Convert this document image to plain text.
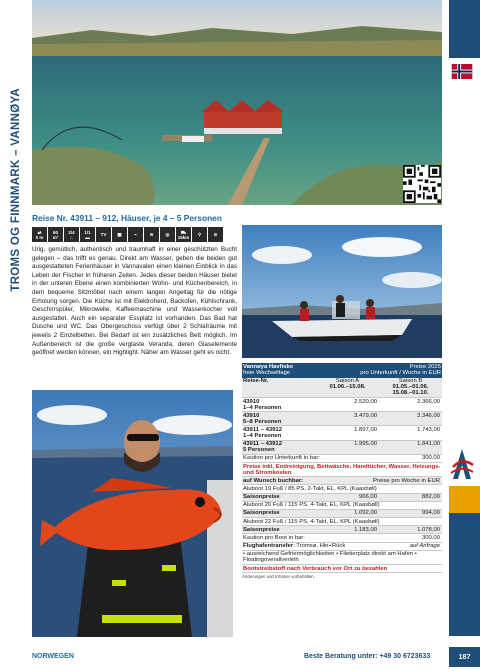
TROMS OG FINNMARK – VANNØYA
NORDNORWEGEN
Reise Nr. 43911 – 912, Häuser, je 4 – 5 Personen
⇄
0 m
60
m²
2/4
⌂
1/1
▬ TV ▦	⌁	≋	◎ ⛟
15km ⚲	⊘
Urig, gemütlich, authentisch und traumhaft in einer geschützten Bucht gelegen – das trifft es genau. Direkt am Wasser, geben die beiden gut ausgestatteten Ferienhäuser in Vannavalen einen kleinen Einblick in das Leben der Fischer in früheren Zeiten. Jedes dieser beiden Häuser bietet in der unteren Ebene einen kombinierten Wohn- und Küchenbereich, in dem bequeme Sitzmöbel nach einem langen Angeltag für die nötige Erholung sorgen. Die Küche ist mit Elektroherd, Backofen, Kühlschrank, Geschirrspüler, Mikrowelle, Kaffeemaschine und Wasserkocher voll ausgestattet. Auch ein separater Essplatz ist vorhanden. Das Bad hat Dusche und WC. Das Obergeschoss verfügt über 2 Schlafräume mit jeweils 2 Einzelbetten. Bei Bedarf ist ein zusätzliches Bett möglich. Im Außenbereich ist die große verglaste Veranda, deren Glaselemente geöffnet werden können, ein Highlight. Näher am Wasser geht es nicht.
Vannøya Havfiske	Preise 2025
freie Wechseltage	pro Unterkunft / Woche in EUR
Reise-Nr.	Saison A
01.06.–15.08.
Saison B
01.05.–01.06.
15.08.–01.10.
43910
1–4 Personen
2.520,00	2.366,00
43910
5–8 Personen
3.479,00	3.346,00
43911 – 43912
1–4 Personen
1.897,00	1.743,00
43911 – 43912
5 Personen
1.995,00	1.841,00
Kaution pro Unterkunft in bar:	300,00
Preise inkl. Endreinigung, Bettwäsche, Handtücher, Wasser, Heizungs- und Stromkosten
auf Wunsch buchbar:	Preise pro Woche in EUR
Aluboot 19 Fuß / 85 PS, 2-Takt, EL, KPL (Kaasbøll)
Saisonpreise	966,00	882,00
Aluboot 20 Fuß / 115 PS, 4-Takt, EL, KPL (Kaasbøll)
Saisonpreise	1.092,00	994,00
Aluboot 22 Fuß / 115 PS, 4-Takt, EL, KPL (Kaasbøll)
Saisonpreise	1.183,00	1.078,00
Kaution pro Boot in bar:	300,00
Flughafentransfer: Tromsø, Hin+Rück	auf Anfrage
• ausreichend Gefriermöglichkeiten • Filetierplatz direkt am Hafen • Floatingoverallverleih
Bootstreibstoff nach Verbrauch vor Ort zu bezahlen
Änderungen und Irrtümer vorbehalten.
NORWEGEN	Beste Beratung unter: +49 30 6723633	187
